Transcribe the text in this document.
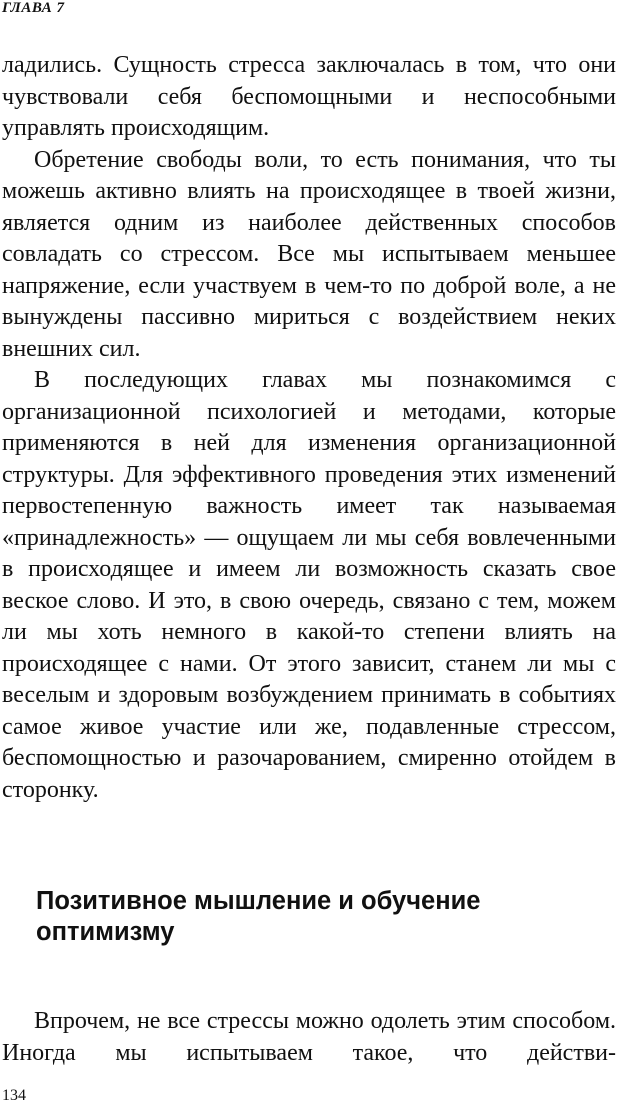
ГЛАВА 7

ладились. Сущность стресса заключалась в том, что они чувствовали себя беспомощными и неспособными управлять происходящим.

Обретение свободы воли, то есть понимания, что ты можешь активно влиять на происходящее в твоей жизни, является одним из наиболее действенных способов совладать со стрессом. Все мы испытываем меньшее напряжение, если участвуем в чем-то по доброй воле, а не вынуждены пассивно мириться с воздействием неких внешних сил.

В последующих главах мы познакомимся с организационной психологией и методами, которые применяются в ней для изменения организационной структуры. Для эффективного проведения этих изменений первостепенную важность имеет так называемая «принадлежность» — ощущаем ли мы себя вовлеченными в происходящее и имеем ли возможность сказать свое веское слово. И это, в свою очередь, связано с тем, можем ли мы хоть немного в какой-то степени влиять на происходящее с нами. От этого зависит, станем ли мы с веселым и здоровым возбуждением принимать в событиях самое живое участие или же, подавленные стрессом, беспомощностью и разочарованием, смиренно отойдем в сторонку.

Позитивное мышление и обучение оптимизму

Впрочем, не все стрессы можно одолеть этим способом. Иногда мы испытываем такое, что действи-

134
